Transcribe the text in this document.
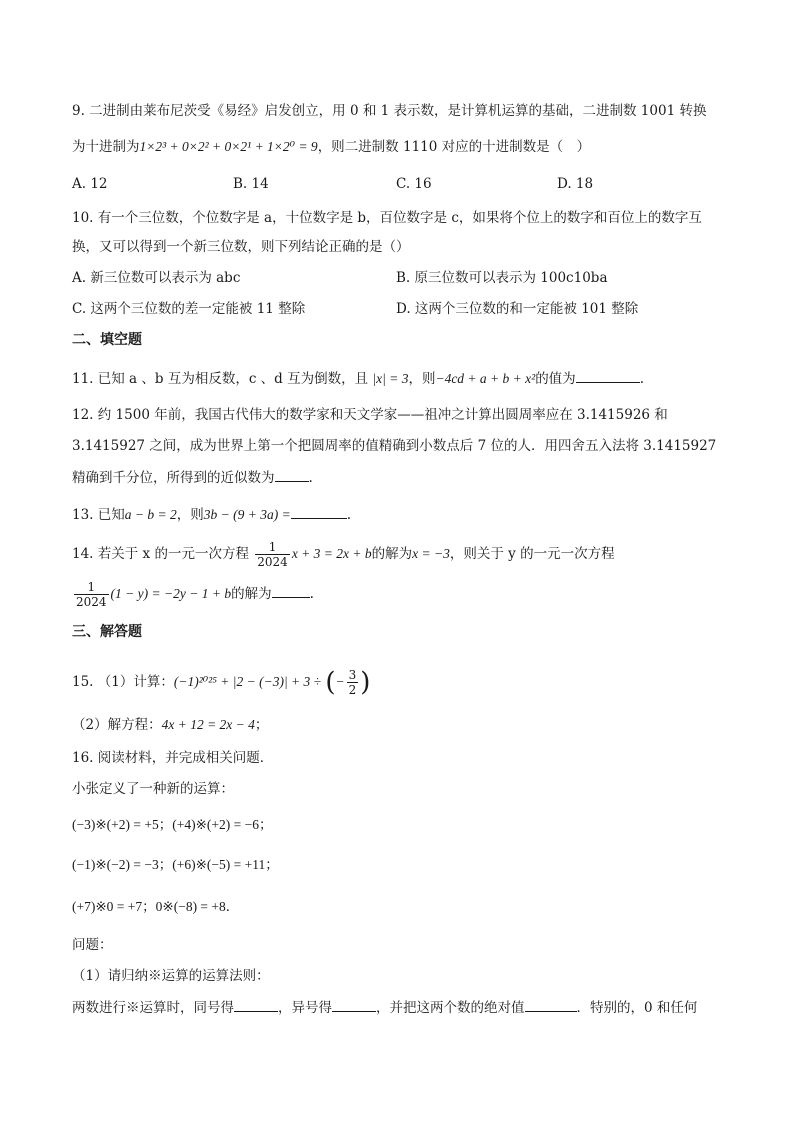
9. 二进制由莱布尼茨受《易经》启发创立，用 0 和 1 表示数，是计算机运算的基础，二进制数 1001 转换
为十进制为1×2³ + 0×2² + 0×2¹ + 1×2⁰ = 9，则二进制数 1110 对应的十进制数是（　）
A. 12	B. 14	C. 16	D. 18
10. 有一个三位数，个位数字是 a，十位数字是 b，百位数字是 c，如果将个位上的数字和百位上的数字互
换，又可以得到一个新三位数，则下列结论正确的是（）
A. 新三位数可以表示为 abc	B. 原三位数可以表示为 100c10ba
C. 这两个三位数的差一定能被 11 整除	D. 这两个三位数的和一定能被 101 整除
二、填空题
11. 已知 a 、b 互为相反数，c 、d 互为倒数，且 |x| = 3，则−4cd + a + b + x²的值为	.
12. 约 1500 年前，我国古代伟大的数学家和天文学家——祖冲之计算出圆周率应在 3.1415926 和
3.1415927 之间，成为世界上第一个把圆周率的值精确到小数点后 7 位的人．用四舍五入法将 3.1415927
精确到千分位，所得到的近似数为	.
13. 已知a − b = 2，则3b − (9 + 3a) =	.
14. 若关于 x 的一元一次方程 $\frac{1}{2024}$ x + 3 = 2x + b的解为x = −3，则关于 y 的一元一次方程
$\frac{1}{2024} (1 - y) = -2y - 1 + b$的解为	.
三、解答题
15. （1）计算：(−1)²⁰²⁵ + |2 − (−3)| + 3 ÷ (− $\frac{3}{2}$ )
（2）解方程：4x + 12 = 2x − 4；
16. 阅读材料，并完成相关问题．
小张定义了一种新的运算：
(−3)※(+2) = +5；(+4)※(+2) = −6；
(−1)※(−2) = −3；(+6)※(−5) = +11；
(+7)※0 = +7；0※(−8) = +8．
问题：
（1）请归纳※运算的运算法则：
两数进行※运算时，同号得	，异号得	，并把这两个数的绝对值	．特别的，0 和任何
